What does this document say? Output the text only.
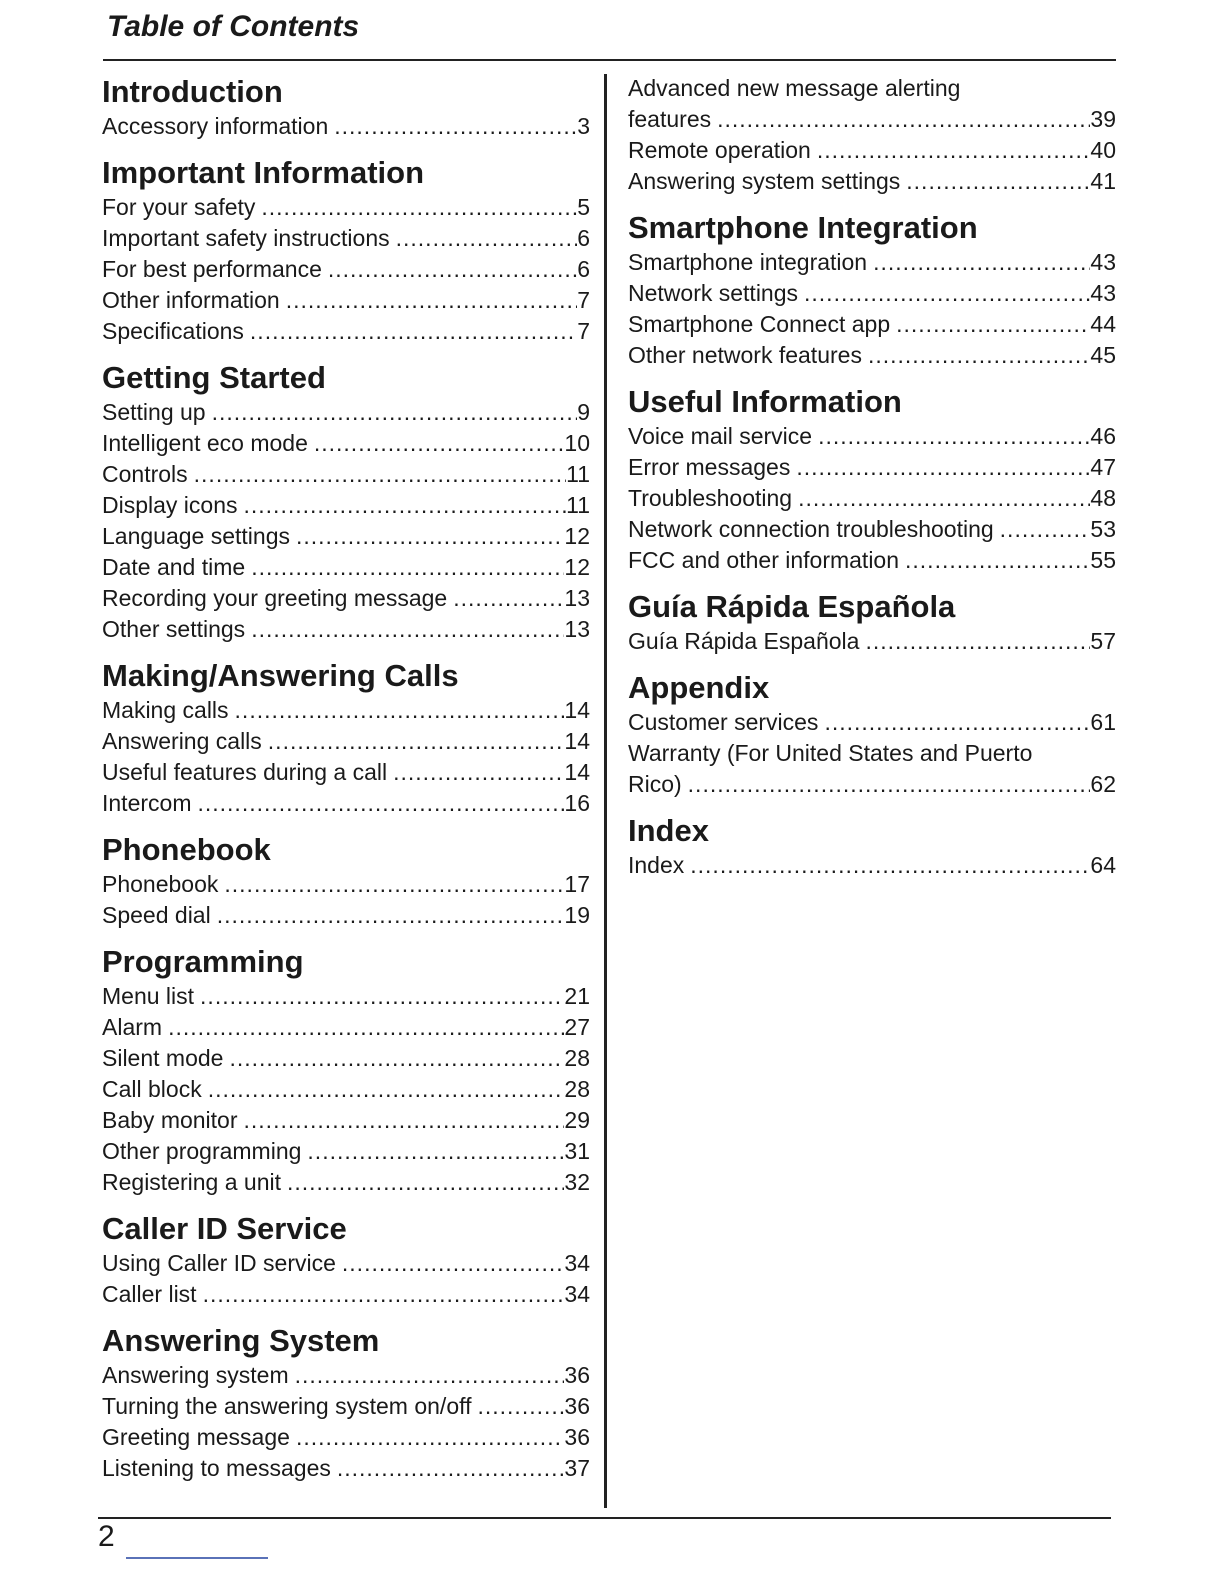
Table of Contents
2
Introduction
Accessory information .....	3
Important Information
For your safety .....	5
Important safety instructions .....	6
For best performance .....	6
Other information .....	7
Specifications .....	7
Getting Started
Setting up .....	9
Intelligent eco mode .....	10
Controls .....	11
Display icons .....	11
Language settings .....	12
Date and time .....	12
Recording your greeting message .....	13
Other settings .....	13
Making/Answering Calls
Making calls .....	14
Answering calls .....	14
Useful features during a call .....	14
Intercom .....	16
Phonebook
Phonebook .....	17
Speed dial .....	19
Programming
Menu list .....	21
Alarm .....	27
Silent mode .....	28
Call block .....	28
Baby monitor .....	29
Other programming .....	31
Registering a unit .....	32
Caller ID Service
Using Caller ID service .....	34
Caller list .....	34
Answering System
Answering system .....	36
Turning the answering system on/off .....	36
Greeting message .....	36
Listening to messages .....	37
Advanced new message alerting
features .....	39
Remote operation .....	40
Answering system settings .....	41
Smartphone Integration
Smartphone integration .....	43
Network settings .....	43
Smartphone Connect app .....	44
Other network features .....	45
Useful Information
Voice mail service .....	46
Error messages .....	47
Troubleshooting .....	48
Network connection troubleshooting .....	53
FCC and other information .....	55
Guía Rápida Española
Guía Rápida Española .....	57
Appendix
Customer services .....	61
Warranty (For United States and Puerto
Rico) .....	62
Index
Index .....	64
